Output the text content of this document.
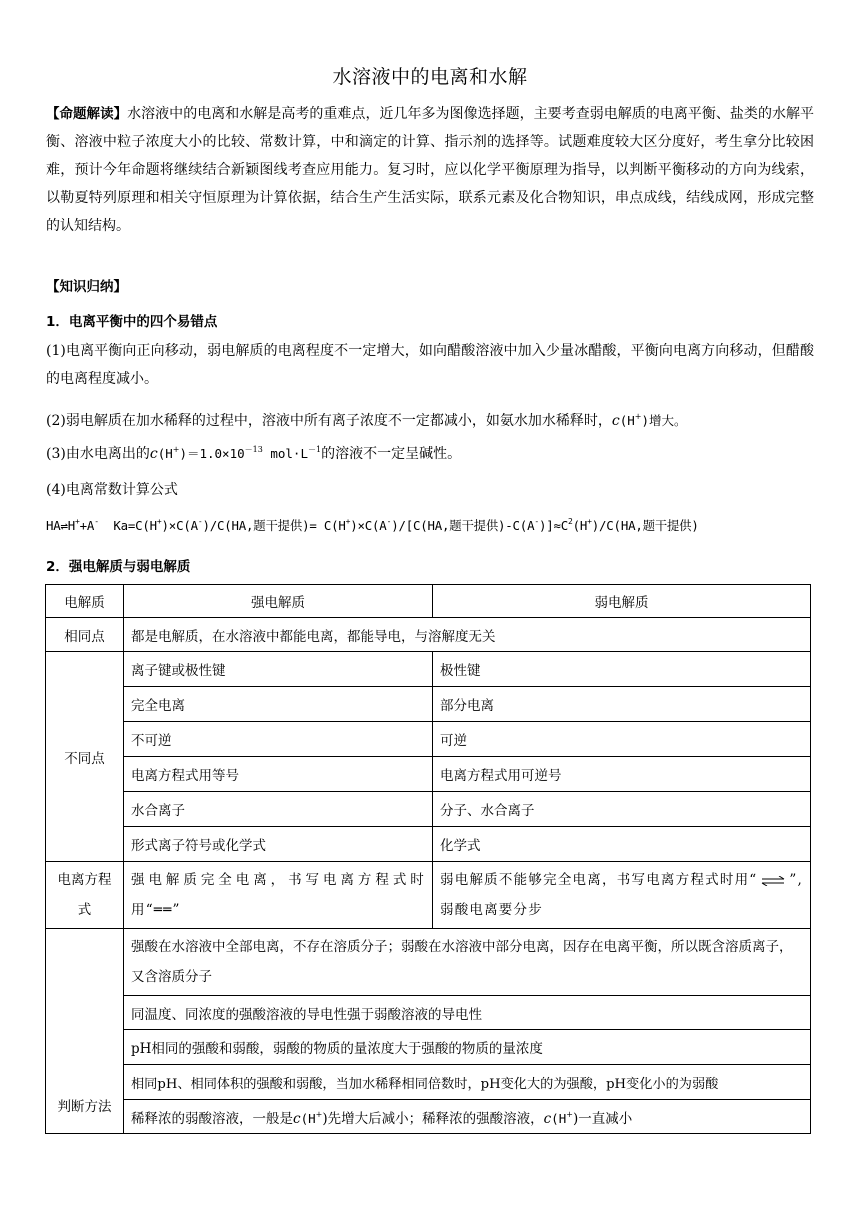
水溶液中的电离和水解
【命题解读】水溶液中的电离和水解是高考的重难点，近几年多为图像选择题，主要考查弱电解质的电离平衡、盐类的水解平衡、溶液中粒子浓度大小的比较、常数计算，中和滴定的计算、指示剂的选择等。试题难度较大区分度好，考生拿分比较困难，预计今年命题将继续结合新颖图线考查应用能力。复习时，应以化学平衡原理为指导，以判断平衡移动的方向为线索，以勒夏特列原理和相关守恒原理为计算依据，结合生产生活实际，联系元素及化合物知识，串点成线，结线成网，形成完整的认知结构。
【知识归纳】
1．电离平衡中的四个易错点
(1)电离平衡向正向移动，弱电解质的电离程度不一定增大，如向醋酸溶液中加入少量冰醋酸，平衡向电离方向移动，但醋酸的电离程度减小。
(2)弱电解质在加水稀释的过程中，溶液中所有离子浓度不一定都减小，如氨水加水稀释时，c(H+)增大。
(3)由水电离出的$c(H^+)=1.0\times 10^{-13}$ $mol\cdot L^{-1}$的溶液不一定呈碱性。
(4)电离常数计算公式
HA⇌H++A-  Ka=C(H+)×C(A-)/C(HA,题干提供)= C(H+)×C(A-)/[C(HA,题干提供)$-C(A^-)]\approx C^2(H^+)/C(HA$,题干提供)
2．强电解质与弱电解质
电解质	强电解质	弱电解质
相同点	都是电解质，在水溶液中都能电离，都能导电，与溶解度无关	
不同点	离子键或极性键	极性键
	完全电离	部分电离
	不可逆	可逆
	电离方程式用等号	电离方程式用可逆号
	水合离子	分子、水合离子
	形式离子符号或化学式	化学式
电离方程式	强电解质完全电离，书写电离方程式时用“══”	弱电解质不能够完全电离，书写电离方程式时用“ ⇌ ”,弱酸电离要分步
判断方法	强酸在水溶液中全部电离，不存在溶质分子；弱酸在水溶液中部分电离，因存在电离平衡，所以既含溶质离子，又含溶质分子	
	同温度、同浓度的强酸溶液的导电性强于弱酸溶液的导电性	
	pH相同的强酸和弱酸，弱酸的物质的量浓度大于强酸的物质的量浓度	
	相同pH、相同体积的强酸和弱酸，当加水稀释相同倍数时，pH变化大的为强酸，pH变化小的为弱酸	
	稀释浓的弱酸溶液，一般是c(H+)先增大后减小；稀释浓的强酸溶液，c(H+)一直减小	
